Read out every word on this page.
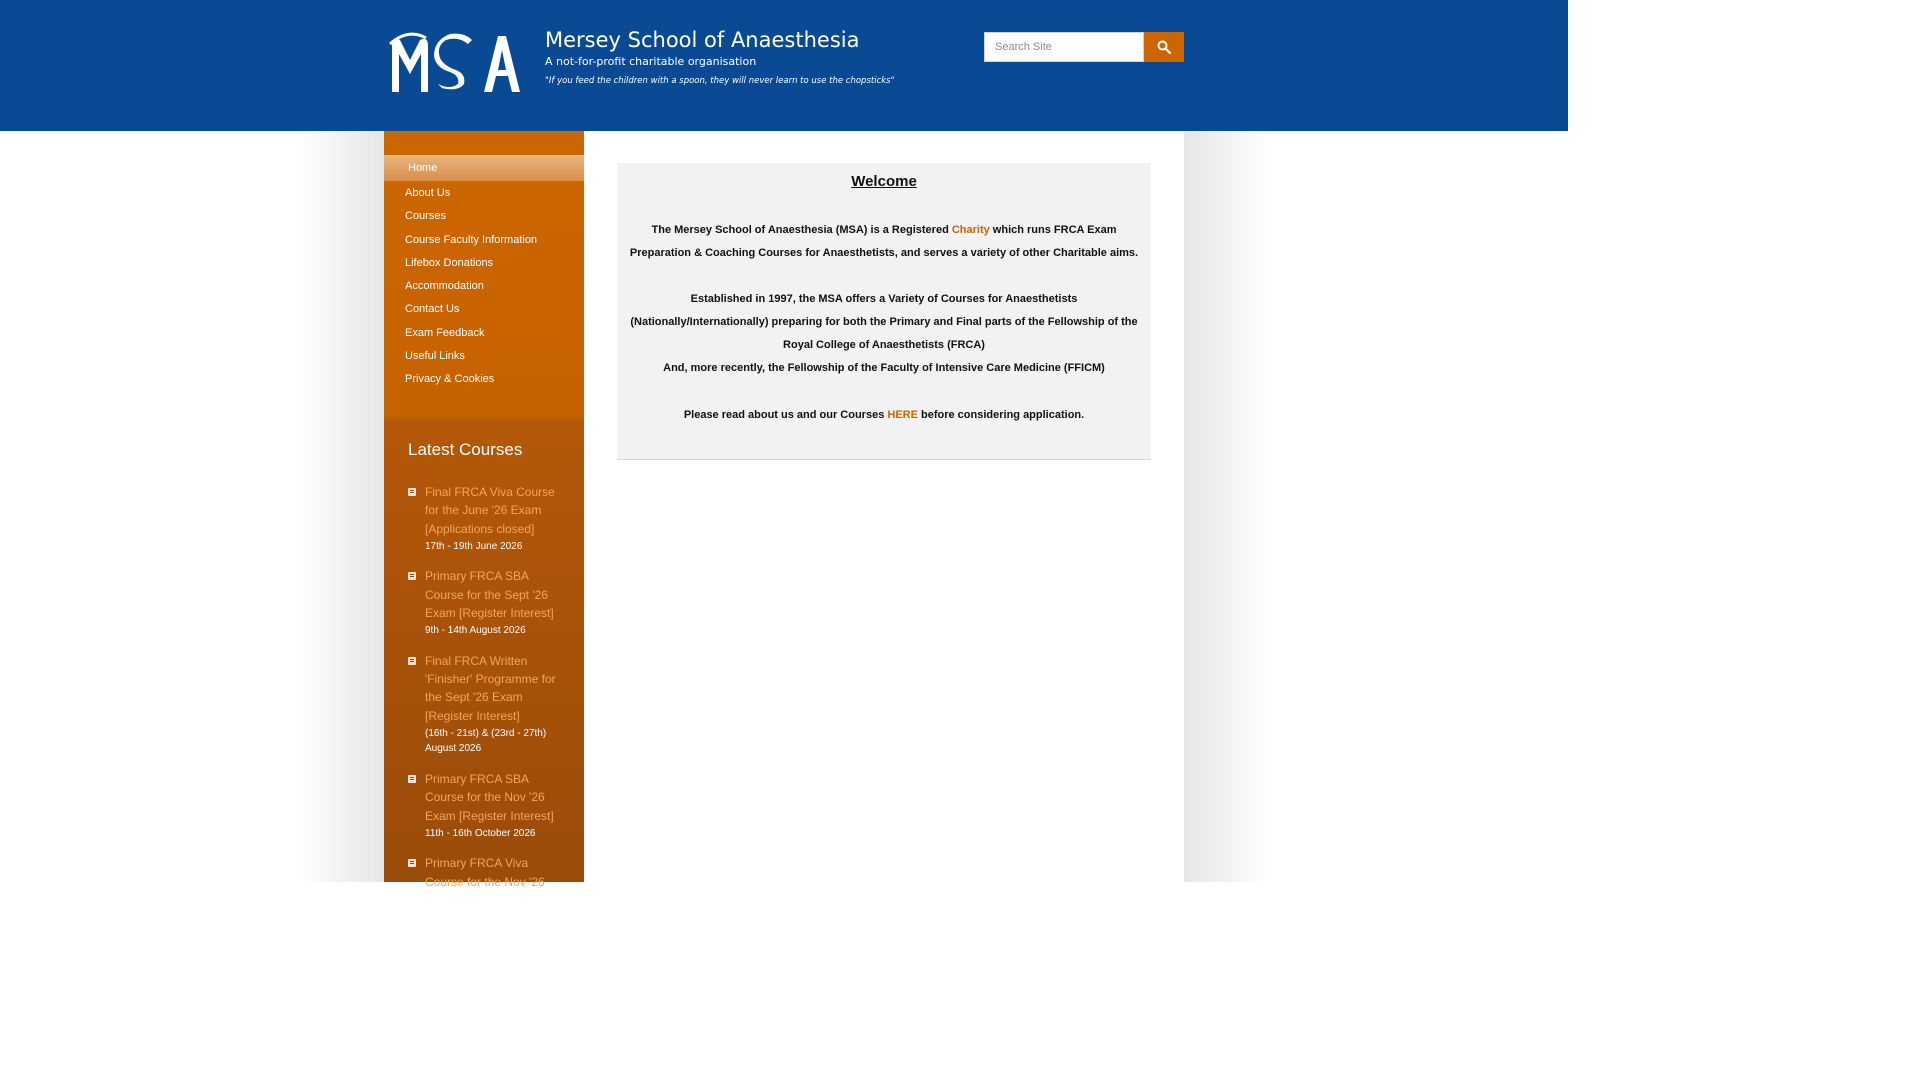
Mersey School of Anaesthesia
A not-for-profit charitable organisation
"If you feed the children with a spoon, they will never learn to use the chopsticks"
Search Site
Home
About Us
Courses
Course Faculty Information
Lifebox Donations
Accommodation
Contact Us
Exam Feedback
Useful Links
Privacy & Cookies
Latest Courses
Final FRCA Viva Course for the June '26 Exam [Applications closed]
17th - 19th June 2026
Primary FRCA SBA Course for the Sept '26 Exam [Register Interest]
9th - 14th August 2026
Final FRCA Written 'Finisher' Programme for the Sept '26 Exam [Register Interest]
(16th - 21st) & (23rd - 27th) August 2026
Primary FRCA SBA Course for the Nov '26 Exam [Register Interest]
11th - 16th October 2026
Primary FRCA Viva Course for the Nov '26
Welcome
The Mersey School of Anaesthesia (MSA) is a Registered Charity which runs FRCA Exam Preparation & Coaching Courses for Anaesthetists, and serves a variety of other Charitable aims.
Established in 1997, the MSA offers a Variety of Courses for Anaesthetists (Nationally/Internationally) preparing for both the Primary and Final parts of the Fellowship of the Royal College of Anaesthetists (FRCA)
And, more recently, the Fellowship of the Faculty of Intensive Care Medicine (FFICM)
Please read about us and our Courses HERE before considering application.
